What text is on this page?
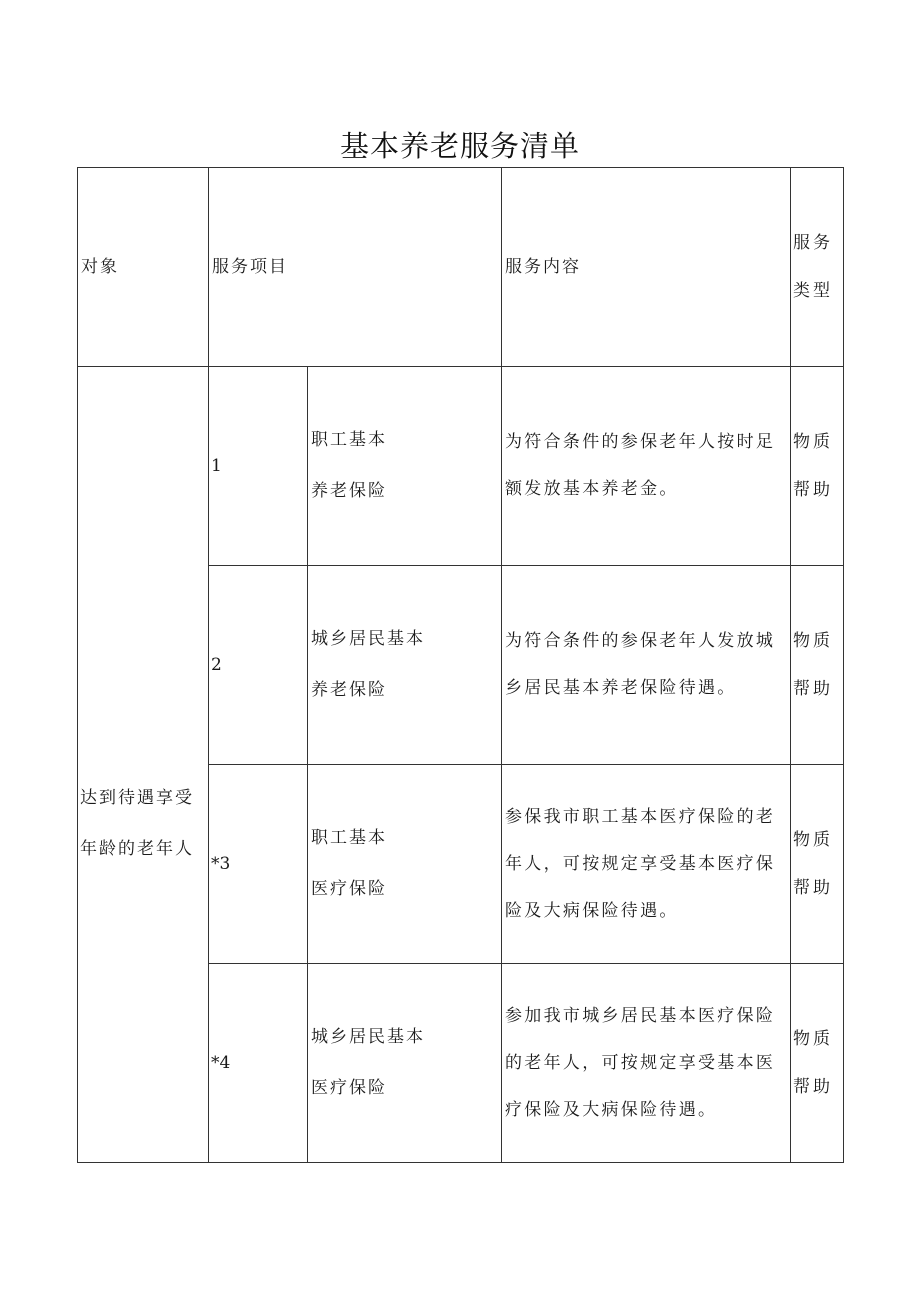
基本养老服务清单
对象	服务项目		服务内容	服务类型

达到待遇享受年龄的老年人	1	职工基本养老保险	为符合条件的参保老年人按时足额发放基本养老金。	物质帮助

	2	城乡居民基本养老保险	为符合条件的参保老年人发放城乡居民基本养老保险待遇。	物质帮助

	*3	职工基本医疗保险	参保我市职工基本医疗保险的老年人，可按规定享受基本医疗保险及大病保险待遇。	物质帮助

	*4	城乡居民基本医疗保险	参加我市城乡居民基本医疗保险的老年人，可按规定享受基本医疗保险及大病保险待遇。	物质帮助
